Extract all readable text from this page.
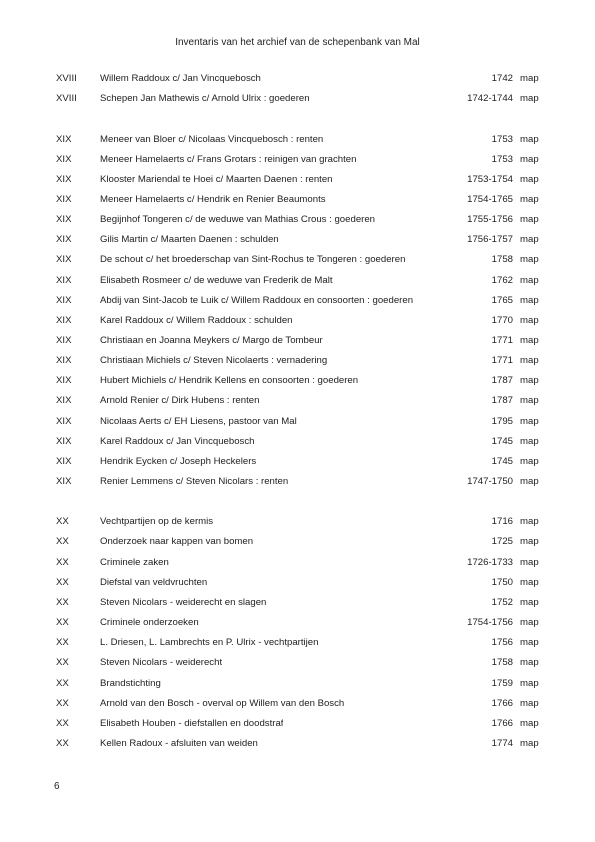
Inventaris van het archief van de schepenbank van Mal
XVIII Willem Raddoux c/ Jan Vincquebosch	1742 map
XVIII Schepen Jan Mathewis c/ Arnold Ulrix : goederen	1742-1744 map
XIX	Meneer van Bloer c/ Nicolaas Vincquebosch : renten	1753 map
XIX	Meneer Hamelaerts c/ Frans Grotars : reinigen van grachten	1753 map
XIX	Klooster Mariendal te Hoei c/ Maarten Daenen : renten	1753-1754 map
XIX	Meneer Hamelaerts c/ Hendrik en Renier Beaumonts	1754-1765 map
XIX	Begijnhof Tongeren c/ de weduwe van Mathias Crous : goederen	1755-1756 map
XIX	Gilis Martin c/ Maarten Daenen : schulden	1756-1757 map
XIX	De schout c/ het broederschap van Sint-Rochus te Tongeren : goederen	1758 map
XIX	Elisabeth Rosmeer c/ de weduwe van Frederik de Malt	1762 map
XIX	Abdij van Sint-Jacob te Luik c/ Willem Raddoux en consoorten : goederen	1765 map
XIX	Karel Raddoux c/ Willem Raddoux : schulden	1770 map
XIX	Christiaan en Joanna Meykers c/ Margo de Tombeur	1771 map
XIX	Christiaan Michiels c/ Steven Nicolaerts : vernadering	1771 map
XIX	Hubert Michiels c/ Hendrik Kellens en consoorten : goederen	1787 map
XIX	Arnold Renier c/ Dirk Hubens : renten	1787 map
XIX	Nicolaas Aerts c/ EH Liesens, pastoor van Mal	1795 map
XIX	Karel Raddoux c/ Jan Vincquebosch	1745 map
XIX	Hendrik Eycken c/ Joseph Heckelers	1745 map
XIX	Renier Lemmens c/ Steven Nicolars : renten	1747-1750 map
XX	Vechtpartijen op de kermis	1716 map
XX	Onderzoek naar kappen van bomen	1725 map
XX	Criminele zaken	1726-1733 map
XX	Diefstal van veldvruchten	1750 map
XX	Steven Nicolars - weiderecht en slagen	1752 map
XX	Criminele onderzoeken	1754-1756 map
XX	L. Driesen, L. Lambrechts en P. Ulrix - vechtpartijen	1756 map
XX	Steven Nicolars - weiderecht	1758 map
XX	Brandstichting	1759 map
XX	Arnold van den Bosch - overval op Willem van den Bosch	1766 map
XX	Elisabeth Houben - diefstallen en doodstraf	1766 map
XX	Kellen Radoux - afsluiten van weiden	1774 map
6
